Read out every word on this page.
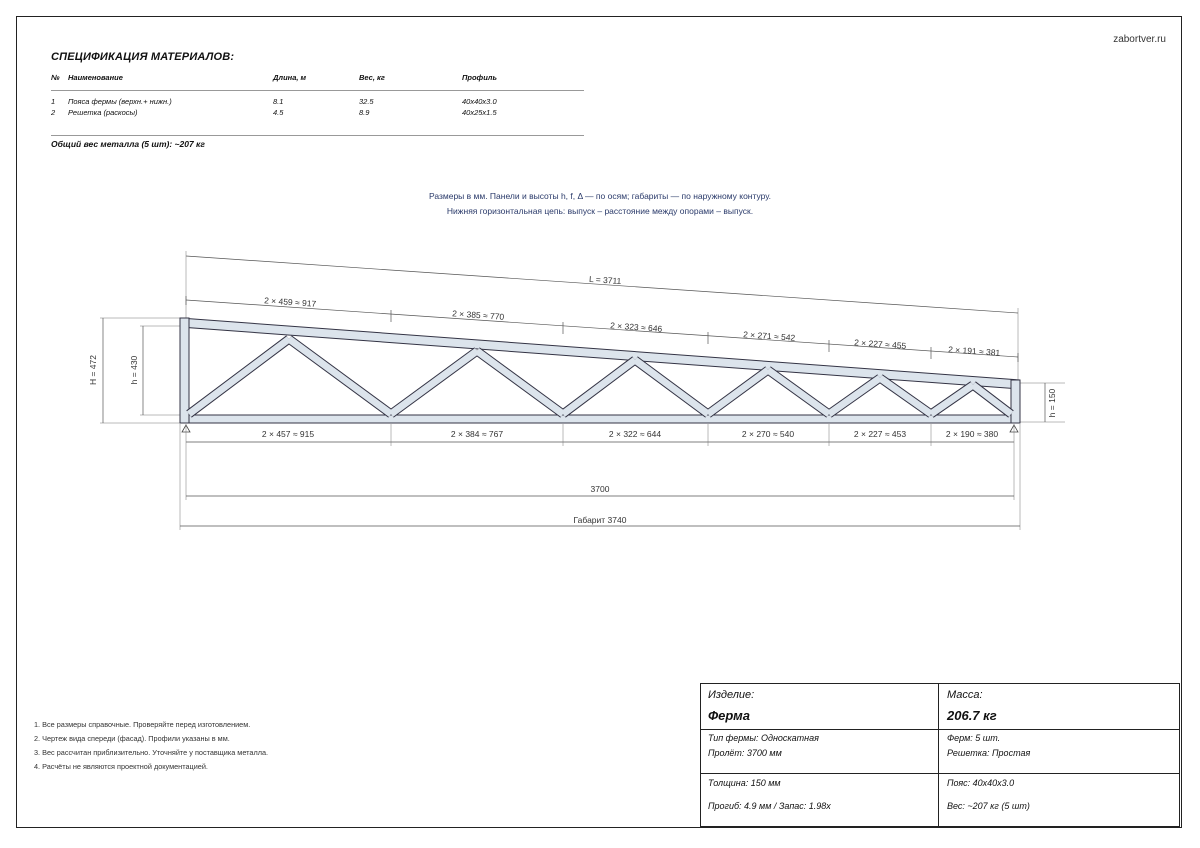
zabortver.ru
СПЕЦИФИКАЦИЯ МАТЕРИАЛОВ:
№	Наименование	Длина, м	Вес, кг	Профиль
1	Пояса фермы (верхн.+ нижн.)	8.1	32.5	40x40x3.0
2	Решетка (раскосы)	4.5	8.9	40x25x1.5
Общий вес металла (5 шт): ~207 кг
Размеры в мм. Панели и высоты h, f, Δ — по осям; габариты — по наружному контуру.
Нижняя горизонтальная цепь: выпуск – расстояние между опорами – выпуск.
L = 3711
2 × 459 ≈ 917
2 × 385 ≈ 770
2 × 323 ≈ 646
2 × 271 ≈ 542
2 × 227 ≈ 455
2 × 191 ≈ 381
H = 472	h = 430
h = 150
2 × 457 ≈ 915	2 × 384 ≈ 767	2 × 322 ≈ 644	2 × 270 ≈ 540	2 × 227 ≈ 453	2 × 190 ≈ 380
3700
Габарит 3740
1. Все размеры справочные. Проверяйте перед изготовлением.
2. Чертеж вида спереди (фасад). Профили указаны в мм.
3. Вес рассчитан приблизительно. Уточняйте у поставщика металла.
4. Расчёты не являются проектной документацией.
Изделие:
Ферма
Масса:
206.7 кг
Тип фермы: Односкатная
Пролёт: 3700 мм
Ферм: 5 шт.
Решетка: Простая
Толщина: 150 мм
Прогиб: 4.9 мм / Запас: 1.98x
Пояс: 40x40x3.0
Вес: ~207 кг (5 шт)
